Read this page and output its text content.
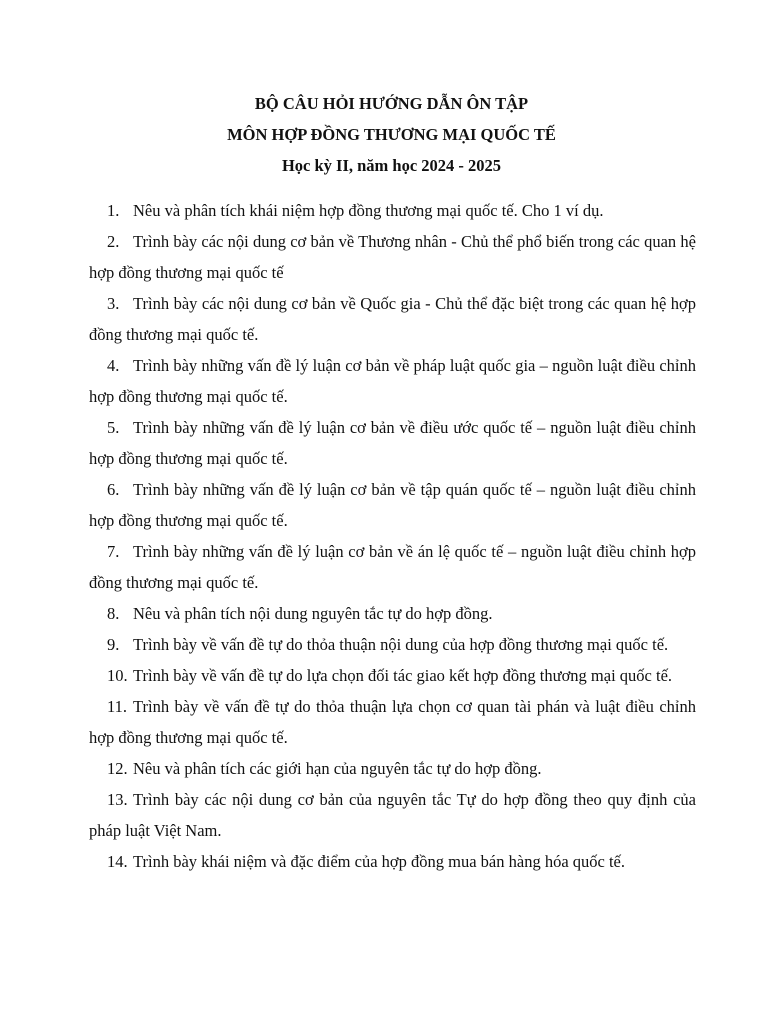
BỘ CÂU HỎI HƯỚNG DẪN ÔN TẬP
MÔN HỢP ĐỒNG THƯƠNG MẠI QUỐC TẾ
Học kỳ II, năm học 2024 - 2025
1. Nêu và phân tích khái niệm hợp đồng thương mại quốc tế. Cho 1 ví dụ.
2. Trình bày các nội dung cơ bản về Thương nhân - Chủ thể phổ biến trong các quan hệ hợp đồng thương mại quốc tế
3. Trình bày các nội dung cơ bản về Quốc gia - Chủ thể đặc biệt trong các quan hệ hợp đồng thương mại quốc tế.
4. Trình bày những vấn đề lý luận cơ bản về pháp luật quốc gia – nguồn luật điều chỉnh hợp đồng thương mại quốc tế.
5. Trình bày những vấn đề lý luận cơ bản về điều ước quốc tế – nguồn luật điều chỉnh hợp đồng thương mại quốc tế.
6. Trình bày những vấn đề lý luận cơ bản về tập quán quốc tế – nguồn luật điều chỉnh hợp đồng thương mại quốc tế.
7. Trình bày những vấn đề lý luận cơ bản về án lệ quốc tế – nguồn luật điều chỉnh hợp đồng thương mại quốc tế.
8. Nêu và phân tích nội dung nguyên tắc tự do hợp đồng.
9. Trình bày về vấn đề tự do thỏa thuận nội dung của hợp đồng thương mại quốc tế.
10. Trình bày về vấn đề tự do lựa chọn đối tác giao kết hợp đồng thương mại quốc tế.
11. Trình bày về vấn đề tự do thỏa thuận lựa chọn cơ quan tài phán và luật điều chỉnh hợp đồng thương mại quốc tế.
12. Nêu và phân tích các giới hạn của nguyên tắc tự do hợp đồng.
13. Trình bày các nội dung cơ bản của nguyên tắc Tự do hợp đồng theo quy định của pháp luật Việt Nam.
14. Trình bày khái niệm và đặc điểm của hợp đồng mua bán hàng hóa quốc tế.
